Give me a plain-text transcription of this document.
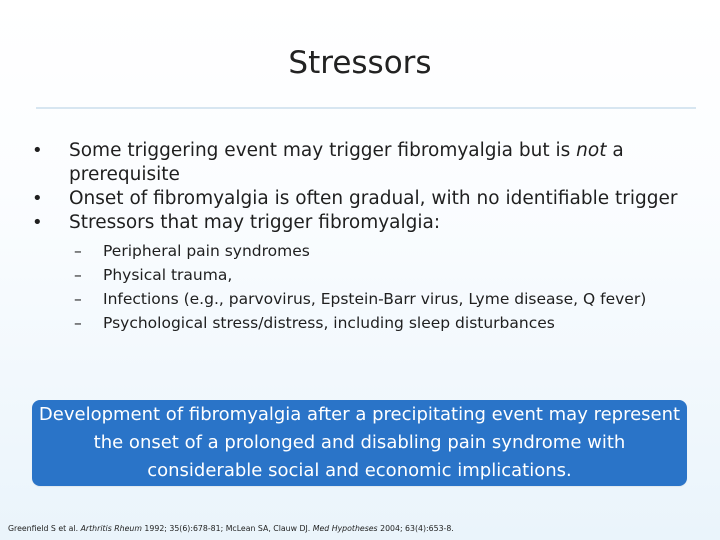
Stressors
•	Some triggering event may trigger fibromyalgia but is not a prerequisite
•	Onset of fibromyalgia is often gradual, with no identifiable trigger
•	Stressors that may trigger fibromyalgia:
–	Peripheral pain syndromes
–	Physical trauma,
–	Infections (e.g., parvovirus, Epstein-Barr virus, Lyme disease, Q fever)
–	Psychological stress/distress, including sleep disturbances
Development of fibromyalgia after a precipitating event may represent the onset of a prolonged and disabling pain syndrome with considerable social and economic implications.
Greenfield S et al. Arthritis Rheum 1992; 35(6):678-81; McLean SA, Clauw DJ. Med Hypotheses 2004; 63(4):653-8.
